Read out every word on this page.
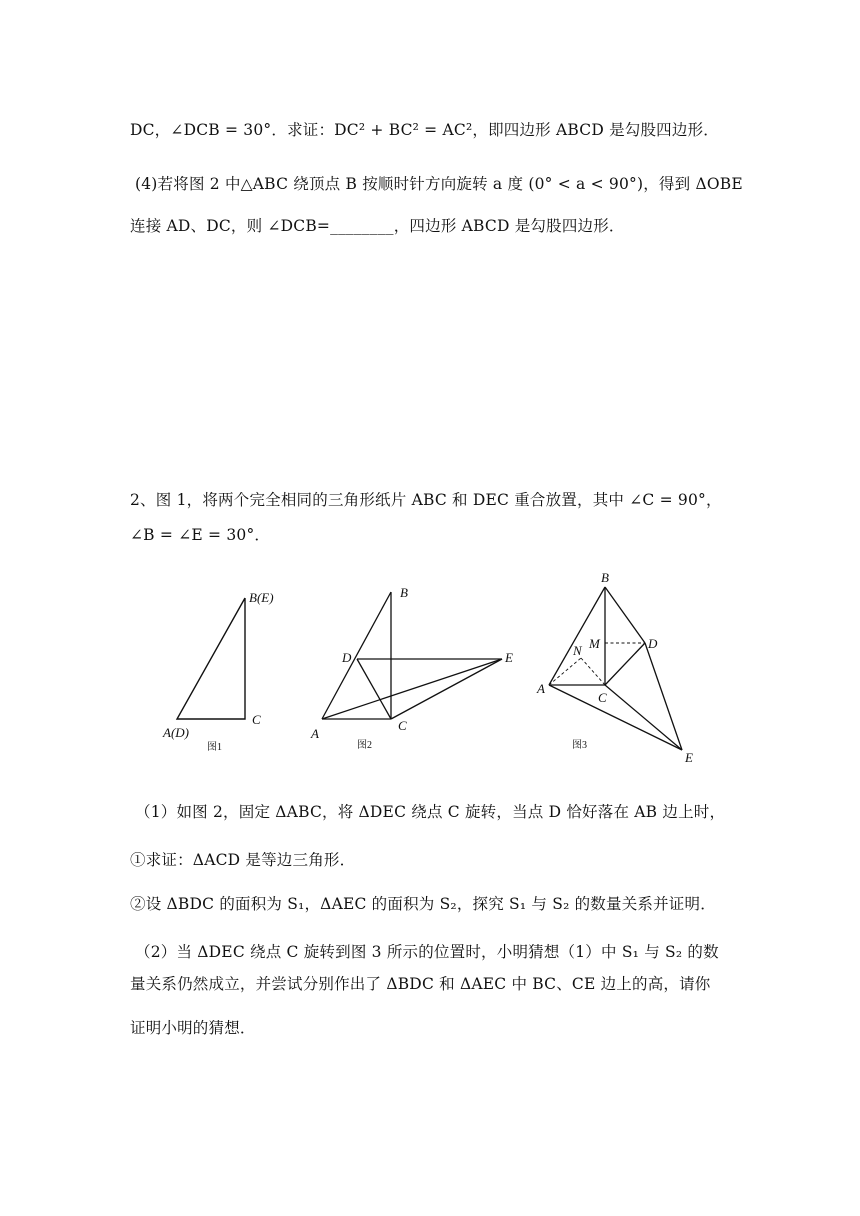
DC，∠DCB = 30°．求证：DC² + BC² = AC²，即四边形 ABCD 是勾股四边形．
(4)若将图 2 中△ABC 绕顶点 B 按顺时针方向旋转 a 度 (0° < a < 90°)，得到 ΔOBE
连接 AD、DC，则 ∠DCB=________，四边形 ABCD 是勾股四边形．
2、图 1，将两个完全相同的三角形纸片 ABC 和 DEC 重合放置，其中 ∠C = 90°，
∠B = ∠E = 30°．
B(E)
C
A(D)
图1
B
D	E
A
C
图2
B
M	D
N
A
C
E
图3
（1）如图 2，固定 ΔABC，将 ΔDEC 绕点 C 旋转，当点 D 恰好落在 AB 边上时，
①求证：ΔACD 是等边三角形．
②设 ΔBDC 的面积为 S₁，ΔAEC 的面积为 S₂，探究 S₁ 与 S₂ 的数量关系并证明．
（2）当 ΔDEC 绕点 C 旋转到图 3 所示的位置时，小明猜想（1）中 S₁ 与 S₂ 的数
量关系仍然成立，并尝试分别作出了 ΔBDC 和 ΔAEC 中 BC、CE 边上的高，请你
证明小明的猜想．
